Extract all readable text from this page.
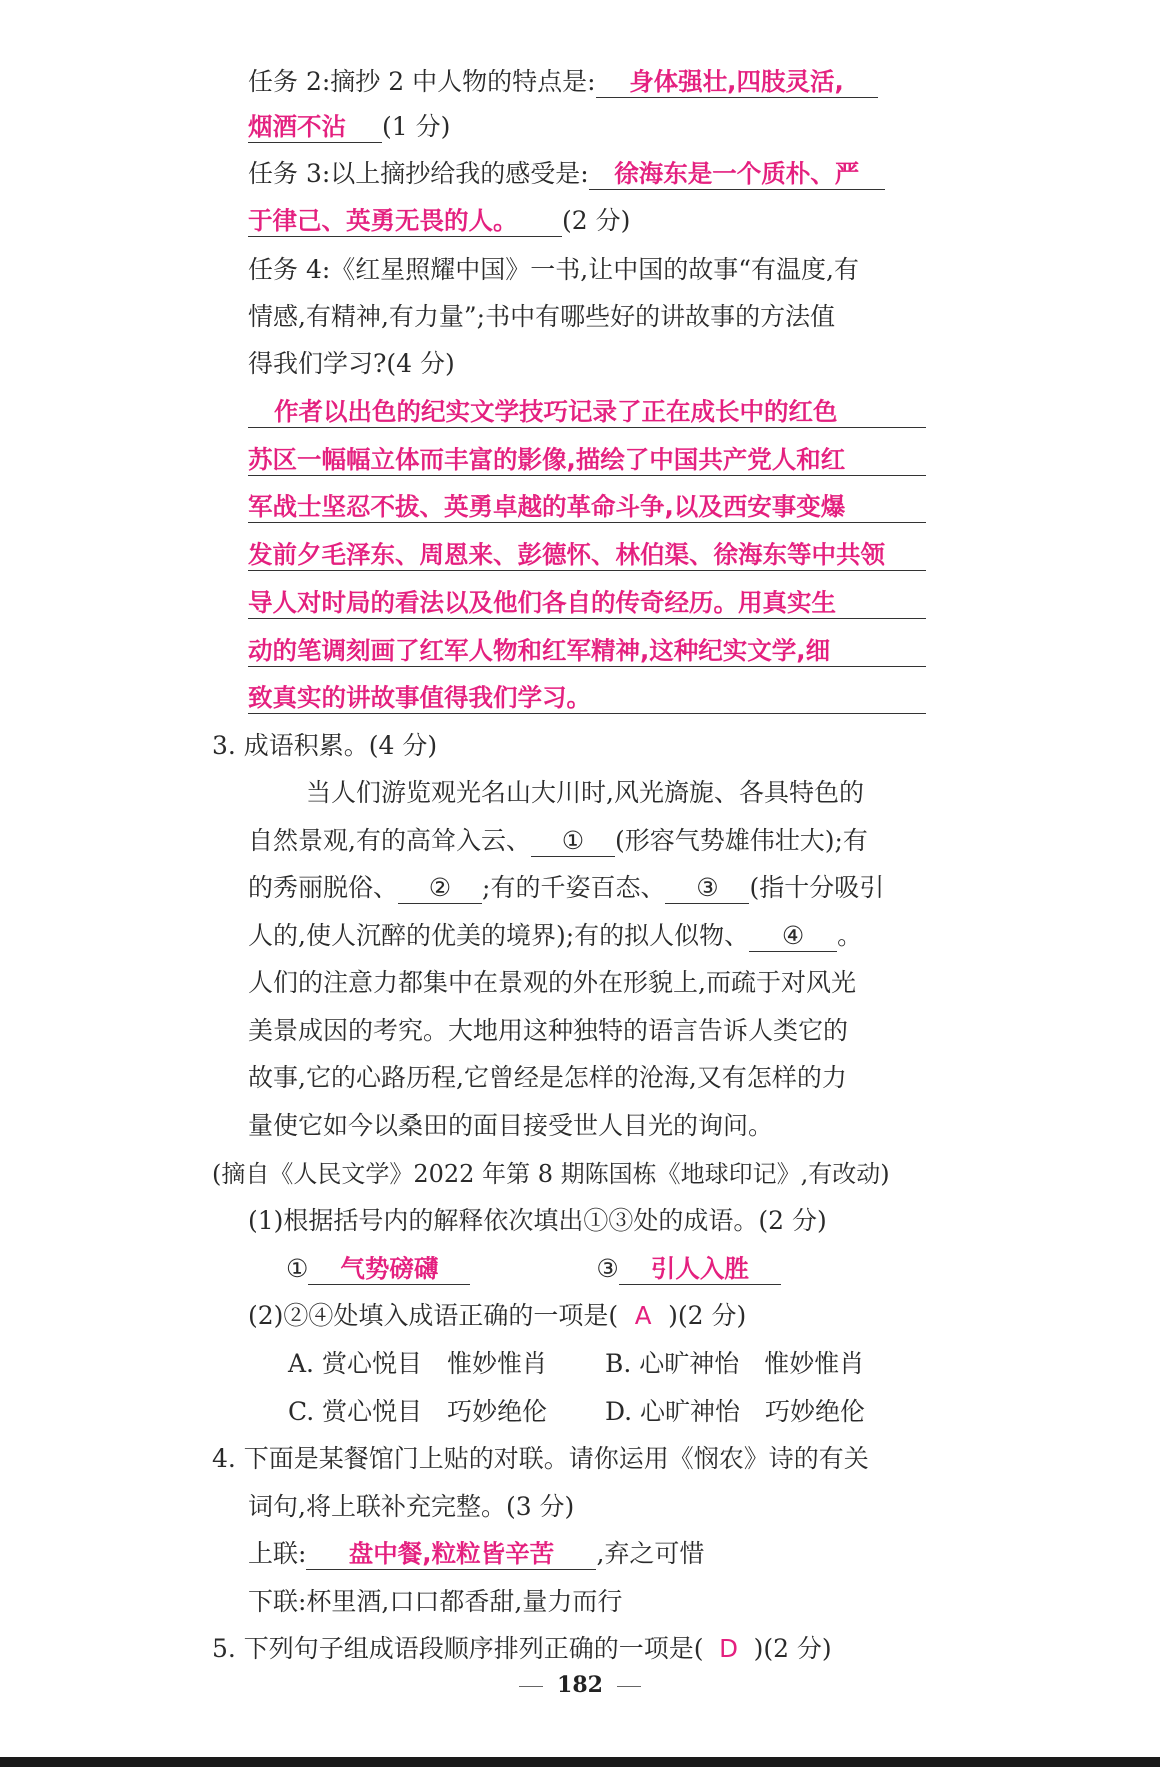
任务 2:摘抄 2 中人物的特点是: 身体强壮,四肢灵活,
烟酒不沾 (1 分)
任务 3:以上摘抄给我的感受是: 徐海东是一个质朴、严
于律己、英勇无畏的人。 (2 分)
任务 4:《红星照耀中国》一书,让中国的故事“有温度,有
情感,有精神,有力量”;书中有哪些好的讲故事的方法值
得我们学习?(4 分)
作者以出色的纪实文学技巧记录了正在成长中的红色
苏区一幅幅立体而丰富的影像,描绘了中国共产党人和红
军战士坚忍不拔、英勇卓越的革命斗争,以及西安事变爆
发前夕毛泽东、周恩来、彭德怀、林伯渠、徐海东等中共领
导人对时局的看法以及他们各自的传奇经历。用真实生
动的笔调刻画了红军人物和红军精神,这种纪实文学,细
致真实的讲故事值得我们学习。
3. 成语积累。(4 分)
当人们游览观光名山大川时,风光旖旎、各具特色的
自然景观,有的高耸入云、 ① (形容气势雄伟壮大);有
的秀丽脱俗、 ② ;有的千姿百态、 ③ (指十分吸引
人的,使人沉醉的优美的境界);有的拟人似物、 ④ 。
人们的注意力都集中在景观的外在形貌上,而疏于对风光
美景成因的考究。大地用这种独特的语言告诉人类它的
故事,它的心路历程,它曾经是怎样的沧海,又有怎样的力
量使它如今以桑田的面目接受世人目光的询问。
(摘自《人民文学》2022 年第 8 期陈国栋《地球印记》,有改动)
(1)根据括号内的解释依次填出①③处的成语。(2 分)
① 气势磅礴	③ 引人入胜
(2)②④处填入成语正确的一项是( A )(2 分)
A. 赏心悦目　惟妙惟肖 B. 心旷神怡　惟妙惟肖
C. 赏心悦目　巧妙绝伦 D. 心旷神怡　巧妙绝伦
4. 下面是某餐馆门上贴的对联。请你运用《悯农》诗的有关
词句,将上联补充完整。(3 分)
上联: 盘中餐,粒粒皆辛苦 ,弃之可惜
下联:杯里酒,口口都香甜,量力而行
5. 下列句子组成语段顺序排列正确的一项是( D )(2 分)
182
